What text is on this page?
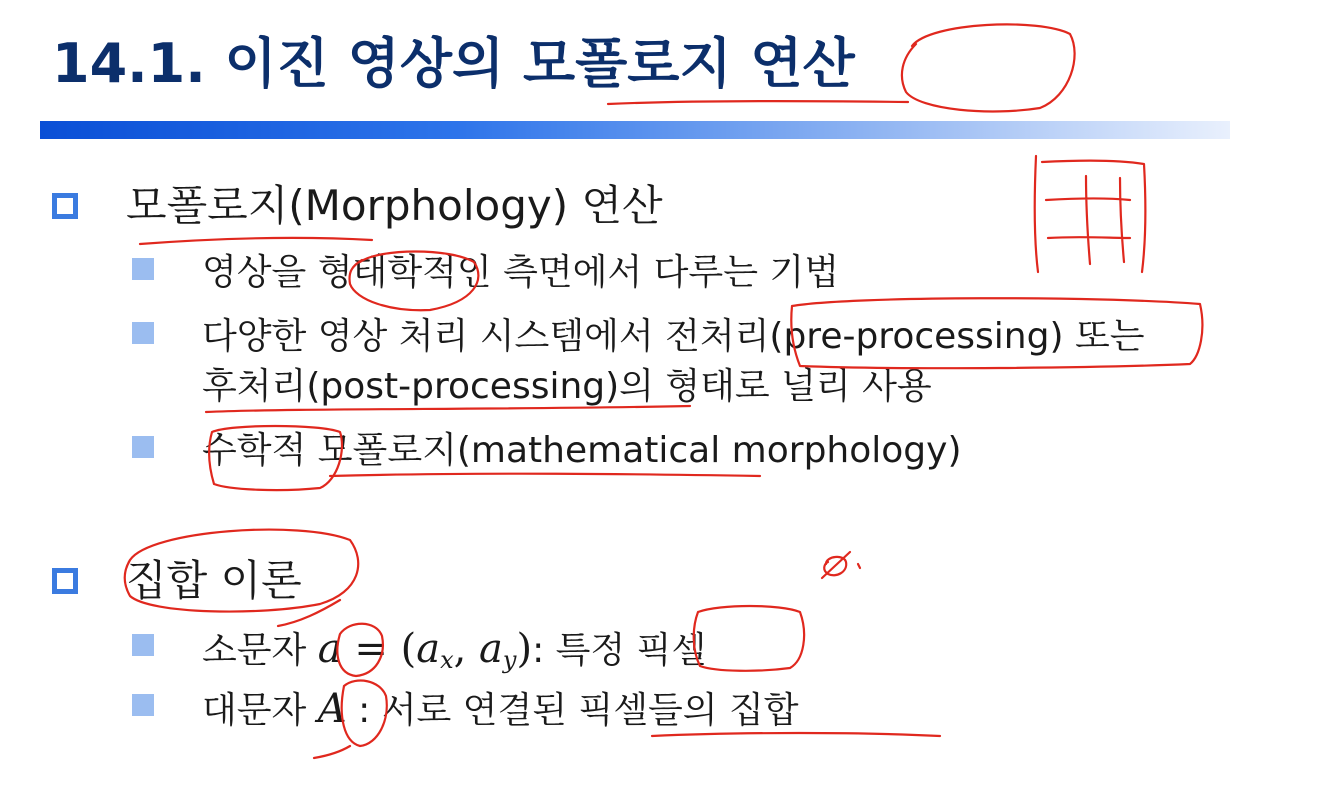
14.1. 이진 영상의 모폴로지 연산
모폴로지(Morphology) 연산
영상을 형태학적인 측면에서 다루는 기법
다양한 영상 처리 시스템에서 전처리(pre-processing) 또는
후처리(post-processing)의 형태로 널리 사용
수학적 모폴로지(mathematical morphology)
집합 이론
소문자 $a = (a_x$, $a_y$): 특정 픽셀
대문자 A : 서로 연결된 픽셀들의 집합
